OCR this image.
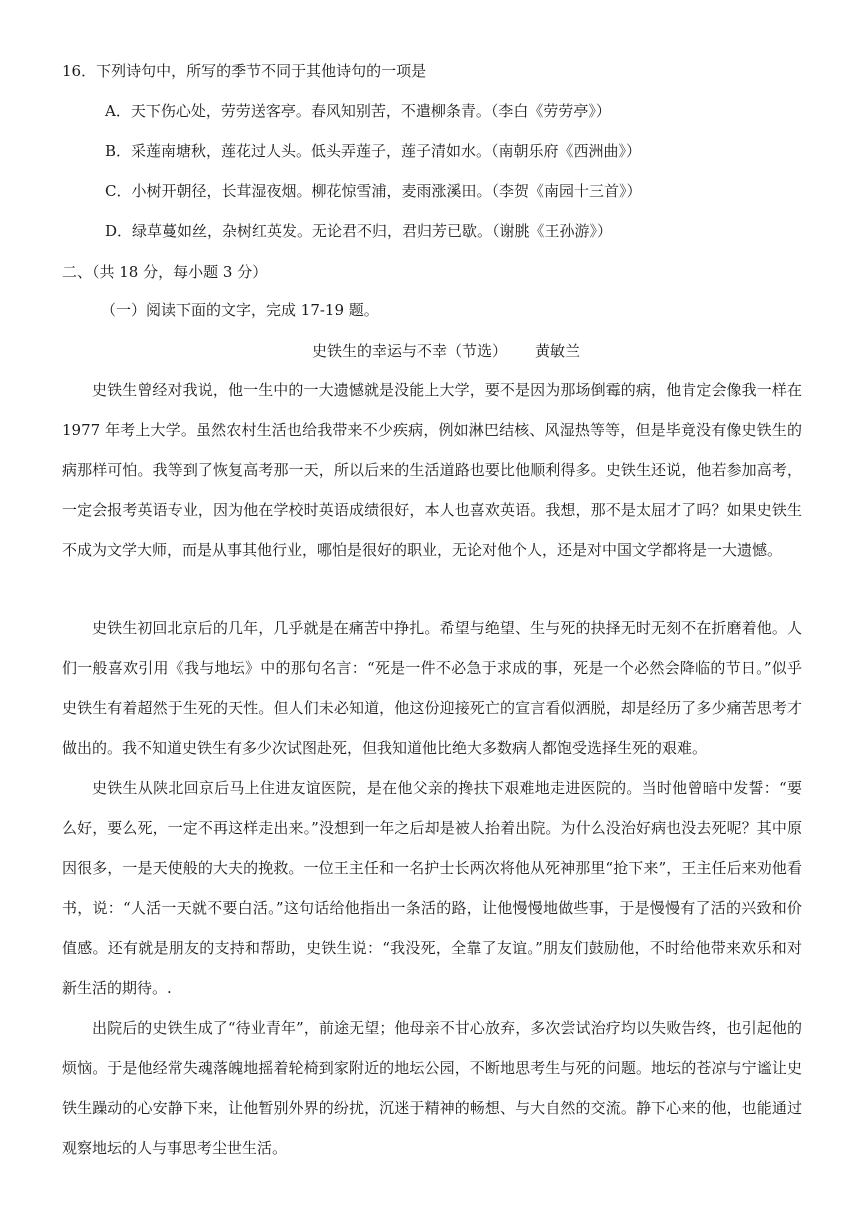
16．下列诗句中，所写的季节不同于其他诗句的一项是
A．天下伤心处，劳劳送客亭。春风知别苦，不遣柳条青。（李白《劳劳亭》）
B．采莲南塘秋，莲花过人头。低头弄莲子，莲子清如水。（南朝乐府《西洲曲》）
C．小树开朝径，长茸湿夜烟。柳花惊雪浦，麦雨涨溪田。（李贺《南园十三首》）
D．绿草蔓如丝，杂树红英发。无论君不归，君归芳已歇。（谢朓《王孙游》）
二、（共 18 分，每小题 3 分）
（一）阅读下面的文字，完成 17-19 题。
史铁生的幸运与不幸（节选） 黄敏兰

史铁生曾经对我说，他一生中的一大遗憾就是没能上大学，要不是因为那场倒霉的病，他肯定会像我一样在 1977 年考上大学。虽然农村生活也给我带来不少疾病，例如淋巴结核、风湿热等等，但是毕竟没有像史铁生的病那样可怕。我等到了恢复高考那一天，所以后来的生活道路也要比他顺利得多。史铁生还说，他若参加高考，一定会报考英语专业，因为他在学校时英语成绩很好，本人也喜欢英语。我想，那不是太屈才了吗？如果史铁生不成为文学大师，而是从事其他行业，哪怕是很好的职业，无论对他个人，还是对中国文学都将是一大遗憾。

史铁生初回北京后的几年，几乎就是在痛苦中挣扎。希望与绝望、生与死的抉择无时无刻不在折磨着他。人们一般喜欢引用《我与地坛》中的那句名言：“死是一件不必急于求成的事，死是一个必然会降临的节日。”似乎史铁生有着超然于生死的天性。但人们未必知道，他这份迎接死亡的宣言看似洒脱，却是经历了多少痛苦思考才做出的。我不知道史铁生有多少次试图赴死，但我知道他比绝大多数病人都饱受选择生死的艰难。

史铁生从陕北回京后马上住进友谊医院，是在他父亲的搀扶下艰难地走进医院的。当时他曾暗中发誓：“要么好，要么死，一定不再这样走出来。”没想到一年之后却是被人抬着出院。为什么没治好病也没去死呢？其中原因很多，一是天使般的大夫的挽救。一位王主任和一名护士长两次将他从死神那里“抢下来”，王主任后来劝他看书，说：“人活一天就不要白活。”这句话给他指出一条活的路，让他慢慢地做些事，于是慢慢有了活的兴致和价值感。还有就是朋友的支持和帮助，史铁生说：“我没死，全靠了友谊。”朋友们鼓励他，不时给他带来欢乐和对新生活的期待。.

出院后的史铁生成了“待业青年”，前途无望；他母亲不甘心放弃，多次尝试治疗均以失败告终，也引起他的烦恼。于是他经常失魂落魄地摇着轮椅到家附近的地坛公园，不断地思考生与死的问题。地坛的苍凉与宁谧让史铁生躁动的心安静下来，让他暂别外界的纷扰，沉迷于精神的畅想、与大自然的交流。静下心来的他，也能通过观察地坛的人与事思考尘世生活。
